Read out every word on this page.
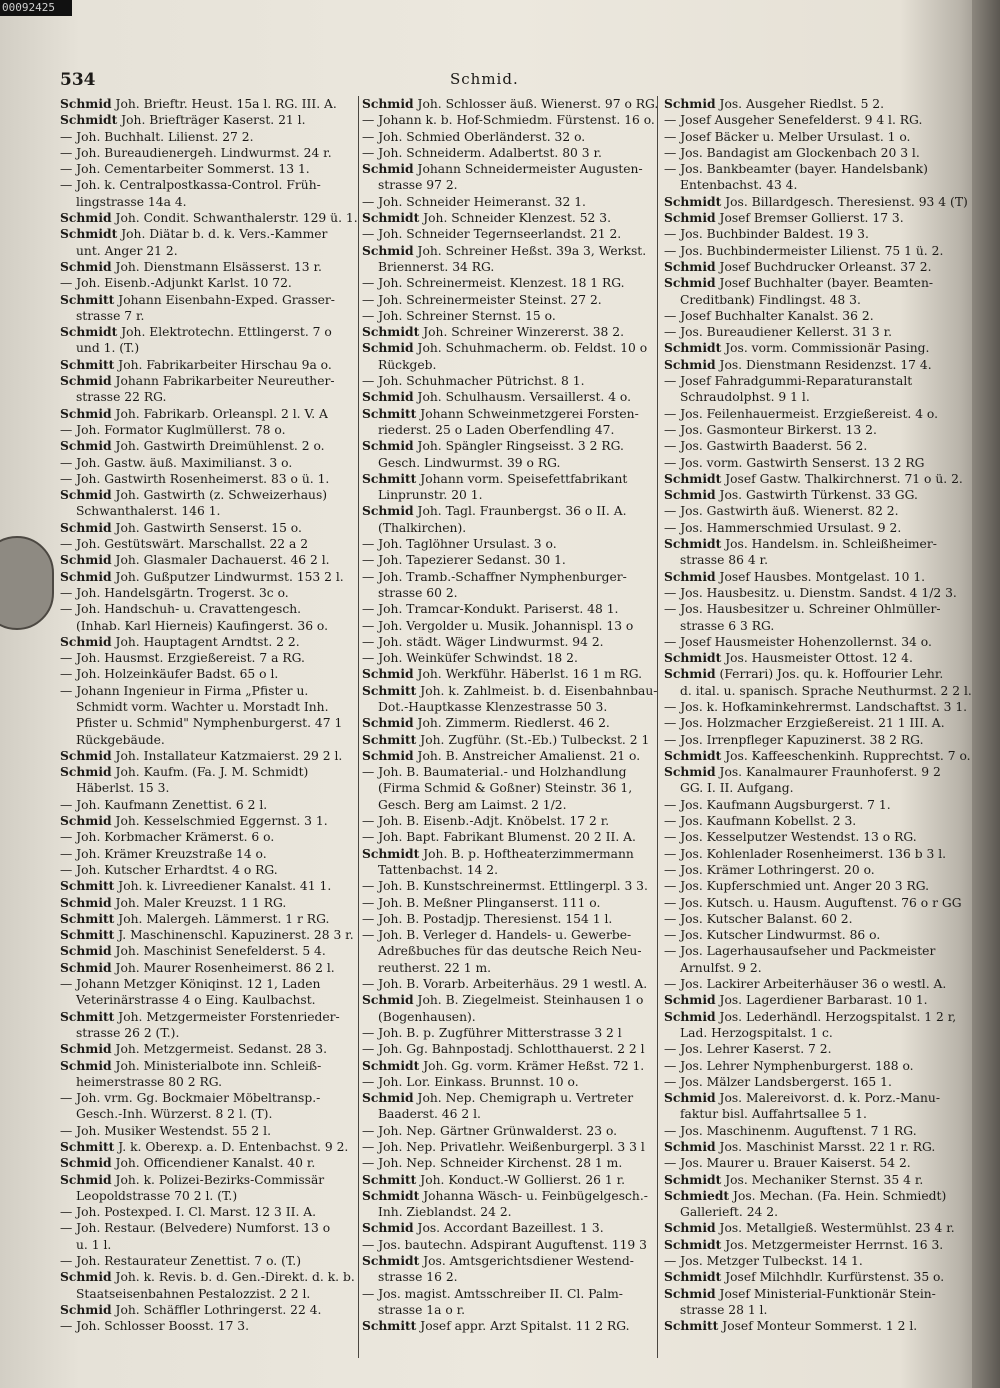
00092425
534	Schmid.
Schmid Joh. Brieftr. Heust. 15a l. RG. III. A.
Schmidt Joh. Briefträger Kaserst. 21 l.
— Joh. Buchhalt. Lilienst. 27 2.
— Joh. Bureaudienergeh. Lindwurmst. 24 r.
— Joh. Cementarbeiter Sommerst. 13 1.
— Joh. k. Centralpostkassa-Control. Früh-
lingstrasse 14a 4.
Schmid Joh. Condit. Schwanthalerstr. 129 ü. 1.
Schmidt Joh. Diätar b. d. k. Vers.-Kammer
unt. Anger 21 2.
Schmid Joh. Dienstmann Elsässerst. 13 r.
— Joh. Eisenb.-Adjunkt Karlst. 10 72.
Schmitt Johann Eisenbahn-Exped. Grasser-
strasse 7 r.
Schmidt Joh. Elektrotechn. Ettlingerst. 7 o
und 1. (T.)
Schmitt Joh. Fabrikarbeiter Hirschau 9a o.
Schmid Johann Fabrikarbeiter Neureuther-
strasse 22 RG.
Schmid Joh. Fabrikarb. Orleanspl. 2 l. V. A
— Joh. Formator Kuglmüllerst. 78 o.
Schmid Joh. Gastwirth Dreimühlenst. 2 o.
— Joh. Gastw. äuß. Maximilianst. 3 o.
— Joh. Gastwirth Rosenheimerst. 83 o ü. 1.
Schmid Joh. Gastwirth (z. Schweizerhaus)
Schwanthalerst. 146 1.
Schmid Joh. Gastwirth Senserst. 15 o.
— Joh. Gestütswärt. Marschallst. 22 a 2
Schmid Joh. Glasmaler Dachauerst. 46 2 l.
Schmid Joh. Gußputzer Lindwurmst. 153 2 l.
— Joh. Handelsgärtn. Trogerst. 3c o.
— Joh. Handschuh- u. Cravattengesch.
(Inhab. Karl Hierneis) Kaufingerst. 36 o.
Schmid Joh. Hauptagent Arndtst. 2 2.
— Joh. Hausmst. Erzgießereist. 7 a RG.
— Joh. Holzeinkäufer Badst. 65 o l.
— Johann Ingenieur in Firma „Pfister u.
Schmidt vorm. Wachter u. Morstadt Inh.
Pfister u. Schmid" Nymphenburgerst. 47 1
Rückgebäude.
Schmid Joh. Installateur Katzmaierst. 29 2 l.
Schmid Joh. Kaufm. (Fa. J. M. Schmidt)
Häberlst. 15 3.
— Joh. Kaufmann Zenettist. 6 2 l.
Schmid Joh. Kesselschmied Eggernst. 3 1.
— Joh. Korbmacher Krämerst. 6 o.
— Joh. Krämer Kreuzstraße 14 o.
— Joh. Kutscher Erhardtst. 4 o RG.
Schmitt Joh. k. Livreediener Kanalst. 41 1.
Schmid Joh. Maler Kreuzst. 1 1 RG.
Schmitt Joh. Malergeh. Lämmerst. 1 r RG.
Schmitt J. Maschinenschl. Kapuzinerst. 28 3 r.
Schmid Joh. Maschinist Senefelderst. 5 4.
Schmid Joh. Maurer Rosenheimerst. 86 2 l.
— Johann Metzger Köniqinst. 12 1, Laden
Veterinärstrasse 4 o Eing. Kaulbachst.
Schmitt Joh. Metzgermeister Forstenrieder-
strasse 26 2 (T.).
Schmid Joh. Metzgermeist. Sedanst. 28 3.
Schmid Joh. Ministerialbote inn. Schleiß-
heimerstrasse 80 2 RG.
— Joh. vrm. Gg. Bockmaier Möbeltransp.-
Gesch.-Inh. Würzerst. 8 2 l. (T).
— Joh. Musiker Westendst. 55 2 l.
Schmitt J. k. Oberexp. a. D. Entenbachst. 9 2.
Schmid Joh. Officendiener Kanalst. 40 r.
Schmid Joh. k. Polizei-Bezirks-Commissär
Leopoldstrasse 70 2 l. (T.)
— Joh. Postexped. I. Cl. Marst. 12 3 II. A.
— Joh. Restaur. (Belvedere) Numforst. 13 o
u. 1 l.
— Joh. Restaurateur Zenettist. 7 o. (T.)
Schmid Joh. k. Revis. b. d. Gen.-Direkt. d. k. b.
Staatseisenbahnen Pestalozzist. 2 2 l.
Schmid Joh. Schäffler Lothringerst. 22 4.
— Joh. Schlosser Boosst. 17 3.
Schmid Joh. Schlosser äuß. Wienerst. 97 o RG.
— Johann k. b. Hof-Schmiedm. Fürstenst. 16 o.
— Joh. Schmied Oberländerst. 32 o.
— Joh. Schneiderm. Adalbertst. 80 3 r.
Schmid Johann Schneidermeister Augusten-
strasse 97 2.
— Joh. Schneider Heimeranst. 32 1.
Schmidt Joh. Schneider Klenzest. 52 3.
— Joh. Schneider Tegernseerlandst. 21 2.
Schmid Joh. Schreiner Heßst. 39a 3, Werkst.
Briennerst. 34 RG.
— Joh. Schreinermeist. Klenzest. 18 1 RG.
— Joh. Schreinermeister Steinst. 27 2.
— Joh. Schreiner Sternst. 15 o.
Schmidt Joh. Schreiner Winzererst. 38 2.
Schmid Joh. Schuhmacherm. ob. Feldst. 10 o
Rückgeb.
— Joh. Schuhmacher Pütrichst. 8 1.
Schmid Joh. Schulhausm. Versaillerst. 4 o.
Schmitt Johann Schweinmetzgerei Forsten-
riederst. 25 o Laden Oberfendling 47.
Schmid Joh. Spängler Ringseisst. 3 2 RG.
Gesch. Lindwurmst. 39 o RG.
Schmitt Johann vorm. Speisefettfabrikant
Linprunstr. 20 1.
Schmid Joh. Tagl. Fraunbergst. 36 o II. A.
(Thalkirchen).
— Joh. Taglöhner Ursulast. 3 o.
— Joh. Tapezierer Sedanst. 30 1.
— Joh. Tramb.-Schaffner Nymphenburger-
strasse 60 2.
— Joh. Tramcar-Kondukt. Pariserst. 48 1.
— Joh. Vergolder u. Musik. Johannispl. 13 o
— Joh. städt. Wäger Lindwurmst. 94 2.
— Joh. Weinküfer Schwindst. 18 2.
Schmid Joh. Werkführ. Häberlst. 16 1 m RG.
Schmitt Joh. k. Zahlmeist. b. d. Eisenbahnbau-
Dot.-Hauptkasse Klenzestrasse 50 3.
Schmid Joh. Zimmerm. Riedlerst. 46 2.
Schmitt Joh. Zugführ. (St.-Eb.) Tulbeckst. 2 1
Schmid Joh. B. Anstreicher Amalienst. 21 o.
— Joh. B. Baumaterial.- und Holzhandlung
(Firma Schmid & Goßner) Steinstr. 36 1,
Gesch. Berg am Laimst. 2 1/2.
— Joh. B. Eisenb.-Adjt. Knöbelst. 17 2 r.
— Joh. Bapt. Fabrikant Blumenst. 20 2 II. A.
Schmidt Joh. B. p. Hoftheaterzimmermann
Tattenbachst. 14 2.
— Joh. B. Kunstschreinermst. Ettlingerpl. 3 3.
— Joh. B. Meßner Plinganserst. 111 o.
— Joh. B. Postadjp. Theresienst. 154 1 l.
— Joh. B. Verleger d. Handels- u. Gewerbe-
Adreßbuches für das deutsche Reich Neu-
reutherst. 22 1 m.
— Joh. B. Vorarb. Arbeiterhäus. 29 1 westl. A.
Schmid Joh. B. Ziegelmeist. Steinhausen 1 o
(Bogenhausen).
— Joh. B. p. Zugführer Mitterstrasse 3 2 l
— Joh. Gg. Bahnpostadj. Schlotthauerst. 2 2 l
Schmidt Joh. Gg. vorm. Krämer Heßst. 72 1.
— Joh. Lor. Einkass. Brunnst. 10 o.
Schmid Joh. Nep. Chemigraph u. Vertreter
Baaderst. 46 2 l.
— Joh. Nep. Gärtner Grünwalderst. 23 o.
— Joh. Nep. Privatlehr. Weißenburgerpl. 3 3 l
— Joh. Nep. Schneider Kirchenst. 28 1 m.
Schmitt Joh. Konduct.-W Gollierst. 26 1 r.
Schmidt Johanna Wäsch- u. Feinbügelgesch.-
Inh. Zieblandst. 24 2.
Schmid Jos. Accordant Bazeillest. 1 3.
— Jos. bautechn. Adspirant Auguftenst. 119 3
Schmidt Jos. Amtsgerichtsdiener Westend-
strasse 16 2.
— Jos. magist. Amtsschreiber II. Cl. Palm-
strasse 1a o r.
Schmitt Josef appr. Arzt Spitalst. 11 2 RG.
Schmid Jos. Ausgeher Riedlst. 5 2.
— Josef Ausgeher Senefelderst. 9 4 l. RG.
— Josef Bäcker u. Melber Ursulast. 1 o.
— Jos. Bandagist am Glockenbach 20 3 l.
— Jos. Bankbeamter (bayer. Handelsbank)
Entenbachst. 43 4.
Schmidt Jos. Billardgesch. Theresienst. 93 4 (T)
Schmid Josef Bremser Gollierst. 17 3.
— Jos. Buchbinder Baldest. 19 3.
— Jos. Buchbindermeister Lilienst. 75 1 ü. 2.
Schmid Josef Buchdrucker Orleanst. 37 2.
Schmid Josef Buchhalter (bayer. Beamten-
Creditbank) Findlingst. 48 3.
— Josef Buchhalter Kanalst. 36 2.
— Jos. Bureaudiener Kellerst. 31 3 r.
Schmidt Jos. vorm. Commissionär Pasing.
Schmid Jos. Dienstmann Residenzst. 17 4.
— Josef Fahradgummi-Reparaturanstalt
Schraudolphst. 9 1 l.
— Jos. Feilenhauermeist. Erzgießereist. 4 o.
— Jos. Gasmonteur Birkerst. 13 2.
— Jos. Gastwirth Baaderst. 56 2.
— Jos. vorm. Gastwirth Senserst. 13 2 RG
Schmidt Josef Gastw. Thalkirchnerst. 71 o ü. 2.
Schmid Jos. Gastwirth Türkenst. 33 GG.
— Jos. Gastwirth äuß. Wienerst. 82 2.
— Jos. Hammerschmied Ursulast. 9 2.
Schmidt Jos. Handelsm. in. Schleißheimer-
strasse 86 4 r.
Schmid Josef Hausbes. Montgelast. 10 1.
— Jos. Hausbesitz. u. Dienstm. Sandst. 4 1/2 3.
— Jos. Hausbesitzer u. Schreiner Ohlmüller-
strasse 6 3 RG.
— Josef Hausmeister Hohenzollernst. 34 o.
Schmidt Jos. Hausmeister Ottost. 12 4.
Schmid (Ferrari) Jos. qu. k. Hoffourier Lehr.
d. ital. u. spanisch. Sprache Neuthurmst. 2 2 l.
— Jos. k. Hofkaminkehrermst. Landschaftst. 3 1.
— Jos. Holzmacher Erzgießereist. 21 1 III. A.
— Jos. Irrenpfleger Kapuzinerst. 38 2 RG.
Schmidt Jos. Kaffeeschenkinh. Rupprechtst. 7 o.
Schmid Jos. Kanalmaurer Fraunhoferst. 9 2
GG. I. II. Aufgang.
— Jos. Kaufmann Augsburgerst. 7 1.
— Jos. Kaufmann Kobellst. 2 3.
— Jos. Kesselputzer Westendst. 13 o RG.
— Jos. Kohlenlader Rosenheimerst. 136 b 3 l.
— Jos. Krämer Lothringerst. 20 o.
— Jos. Kupferschmied unt. Anger 20 3 RG.
— Jos. Kutsch. u. Hausm. Auguftenst. 76 o r GG
— Jos. Kutscher Balanst. 60 2.
— Jos. Kutscher Lindwurmst. 86 o.
— Jos. Lagerhausaufseher und Packmeister
Arnulfst. 9 2.
— Jos. Lackirer Arbeiterhäuser 36 o westl. A.
Schmid Jos. Lagerdiener Barbarast. 10 1.
Schmid Jos. Lederhändl. Herzogspitalst. 1 2 r,
Lad. Herzogspitalst. 1 c.
— Jos. Lehrer Kaserst. 7 2.
— Jos. Lehrer Nymphenburgerst. 188 o.
— Jos. Mälzer Landsbergerst. 165 1.
Schmid Jos. Malereivorst. d. k. Porz.-Manu-
faktur bisl. Auffahrtsallee 5 1.
— Jos. Maschinenm. Auguftenst. 7 1 RG.
Schmid Jos. Maschinist Marsst. 22 1 r. RG.
— Jos. Maurer u. Brauer Kaiserst. 54 2.
Schmidt Jos. Mechaniker Sternst. 35 4 r.
Schmiedt Jos. Mechan. (Fa. Hein. Schmiedt)
Gallerieft. 24 2.
Schmid Jos. Metallgieß. Westermühlst. 23 4 r.
Schmidt Jos. Metzgermeister Herrnst. 16 3.
— Jos. Metzger Tulbeckst. 14 1.
Schmidt Josef Milchhdlr. Kurfürstenst. 35 o.
Schmid Josef Ministerial-Funktionär Stein-
strasse 28 1 l.
Schmitt Josef Monteur Sommerst. 1 2 l.
